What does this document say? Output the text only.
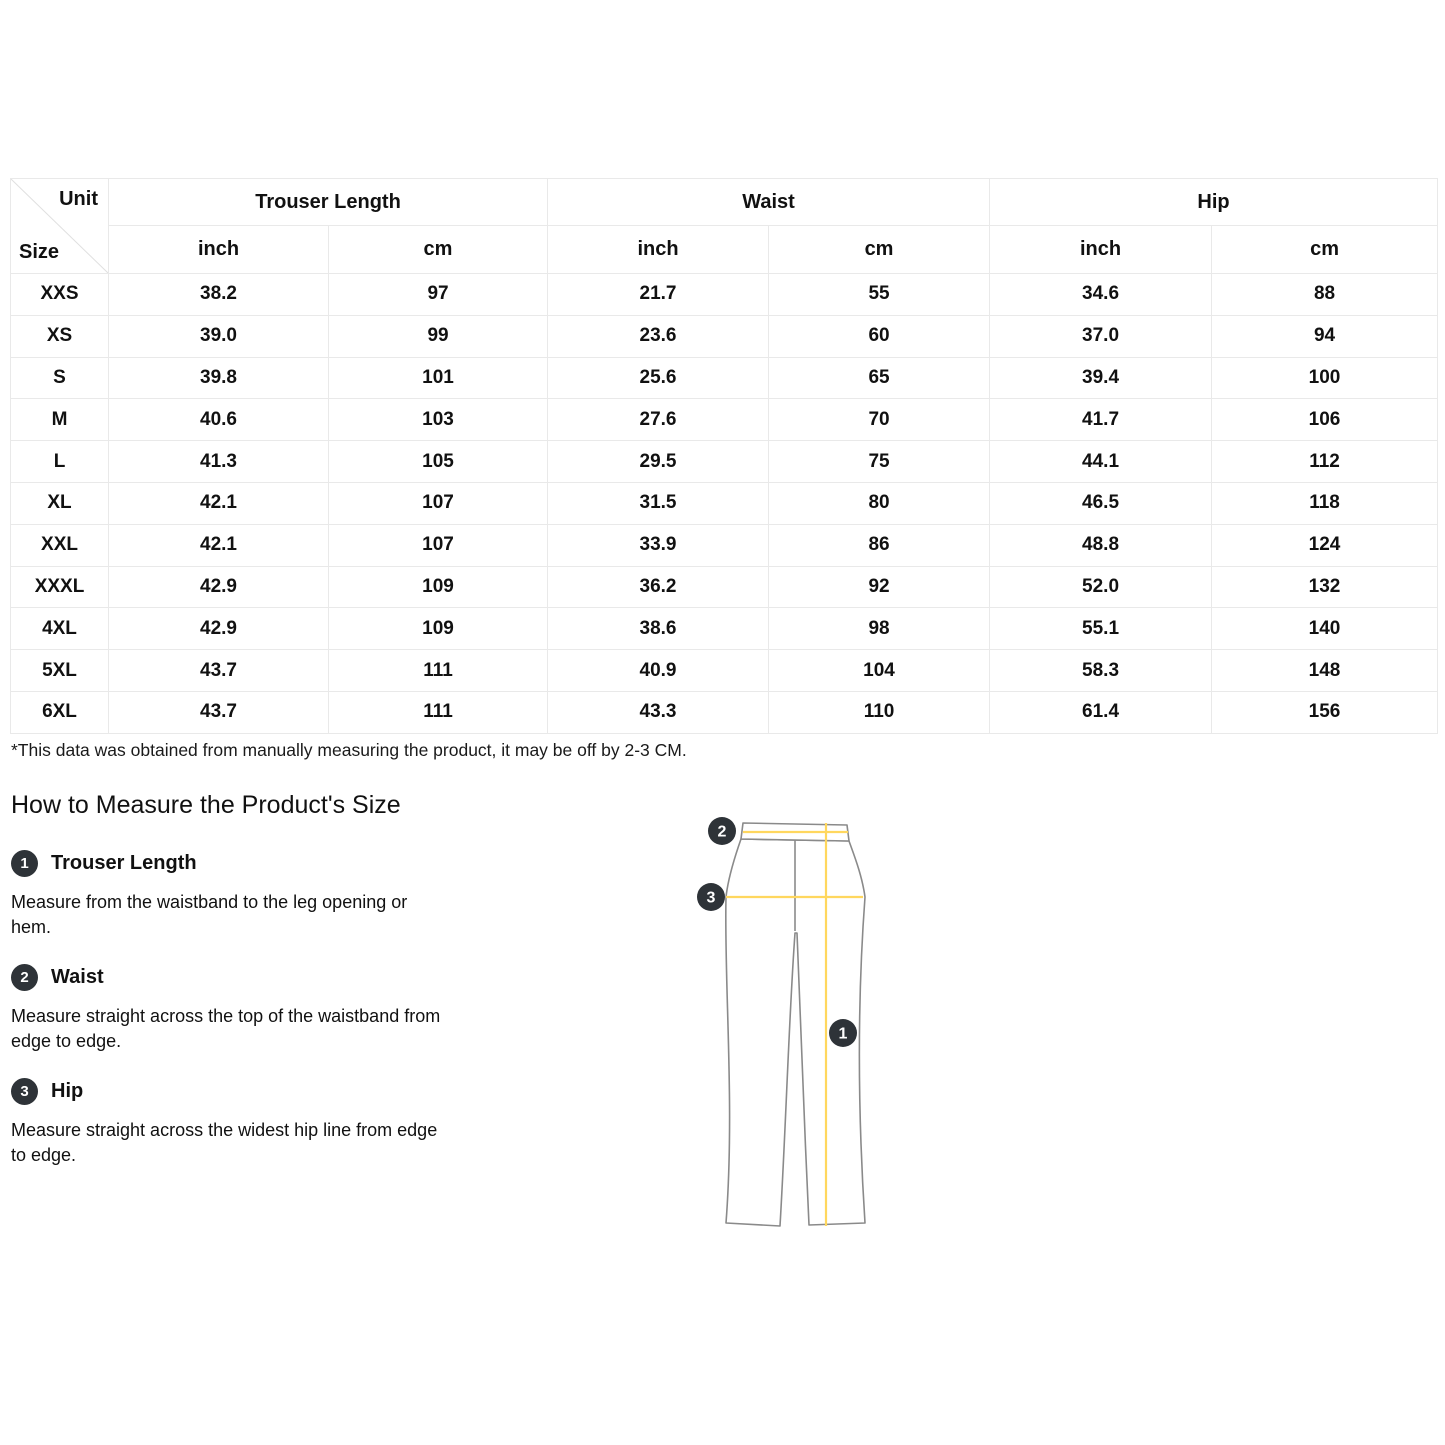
Unit
Size	Trouser Length		Waist		Hip	
	inch	cm	inch	cm	inch	cm
XXS	38.2	97	21.7	55	34.6	88
XS	39.0	99	23.6	60	37.0	94
S	39.8	101	25.6	65	39.4	100
M	40.6	103	27.6	70	41.7	106
L	41.3	105	29.5	75	44.1	112
XL	42.1	107	31.5	80	46.5	118
XXL	42.1	107	33.9	86	48.8	124
XXXL	42.9	109	36.2	92	52.0	132
4XL	42.9	109	38.6	98	55.1	140
5XL	43.7	111	40.9	104	58.3	148
6XL	43.7	111	43.3	110	61.4	156
*This data was obtained from manually measuring the product, it may be off by 2-3 CM.
How to Measure the Product's Size
1	Trouser Length

Measure from the waistband to the leg opening or
hem.

2	Waist

Measure straight across the top of the waistband from
edge to edge.

3	Hip

Measure straight across the widest hip line from edge
to edge.

2
3
1
